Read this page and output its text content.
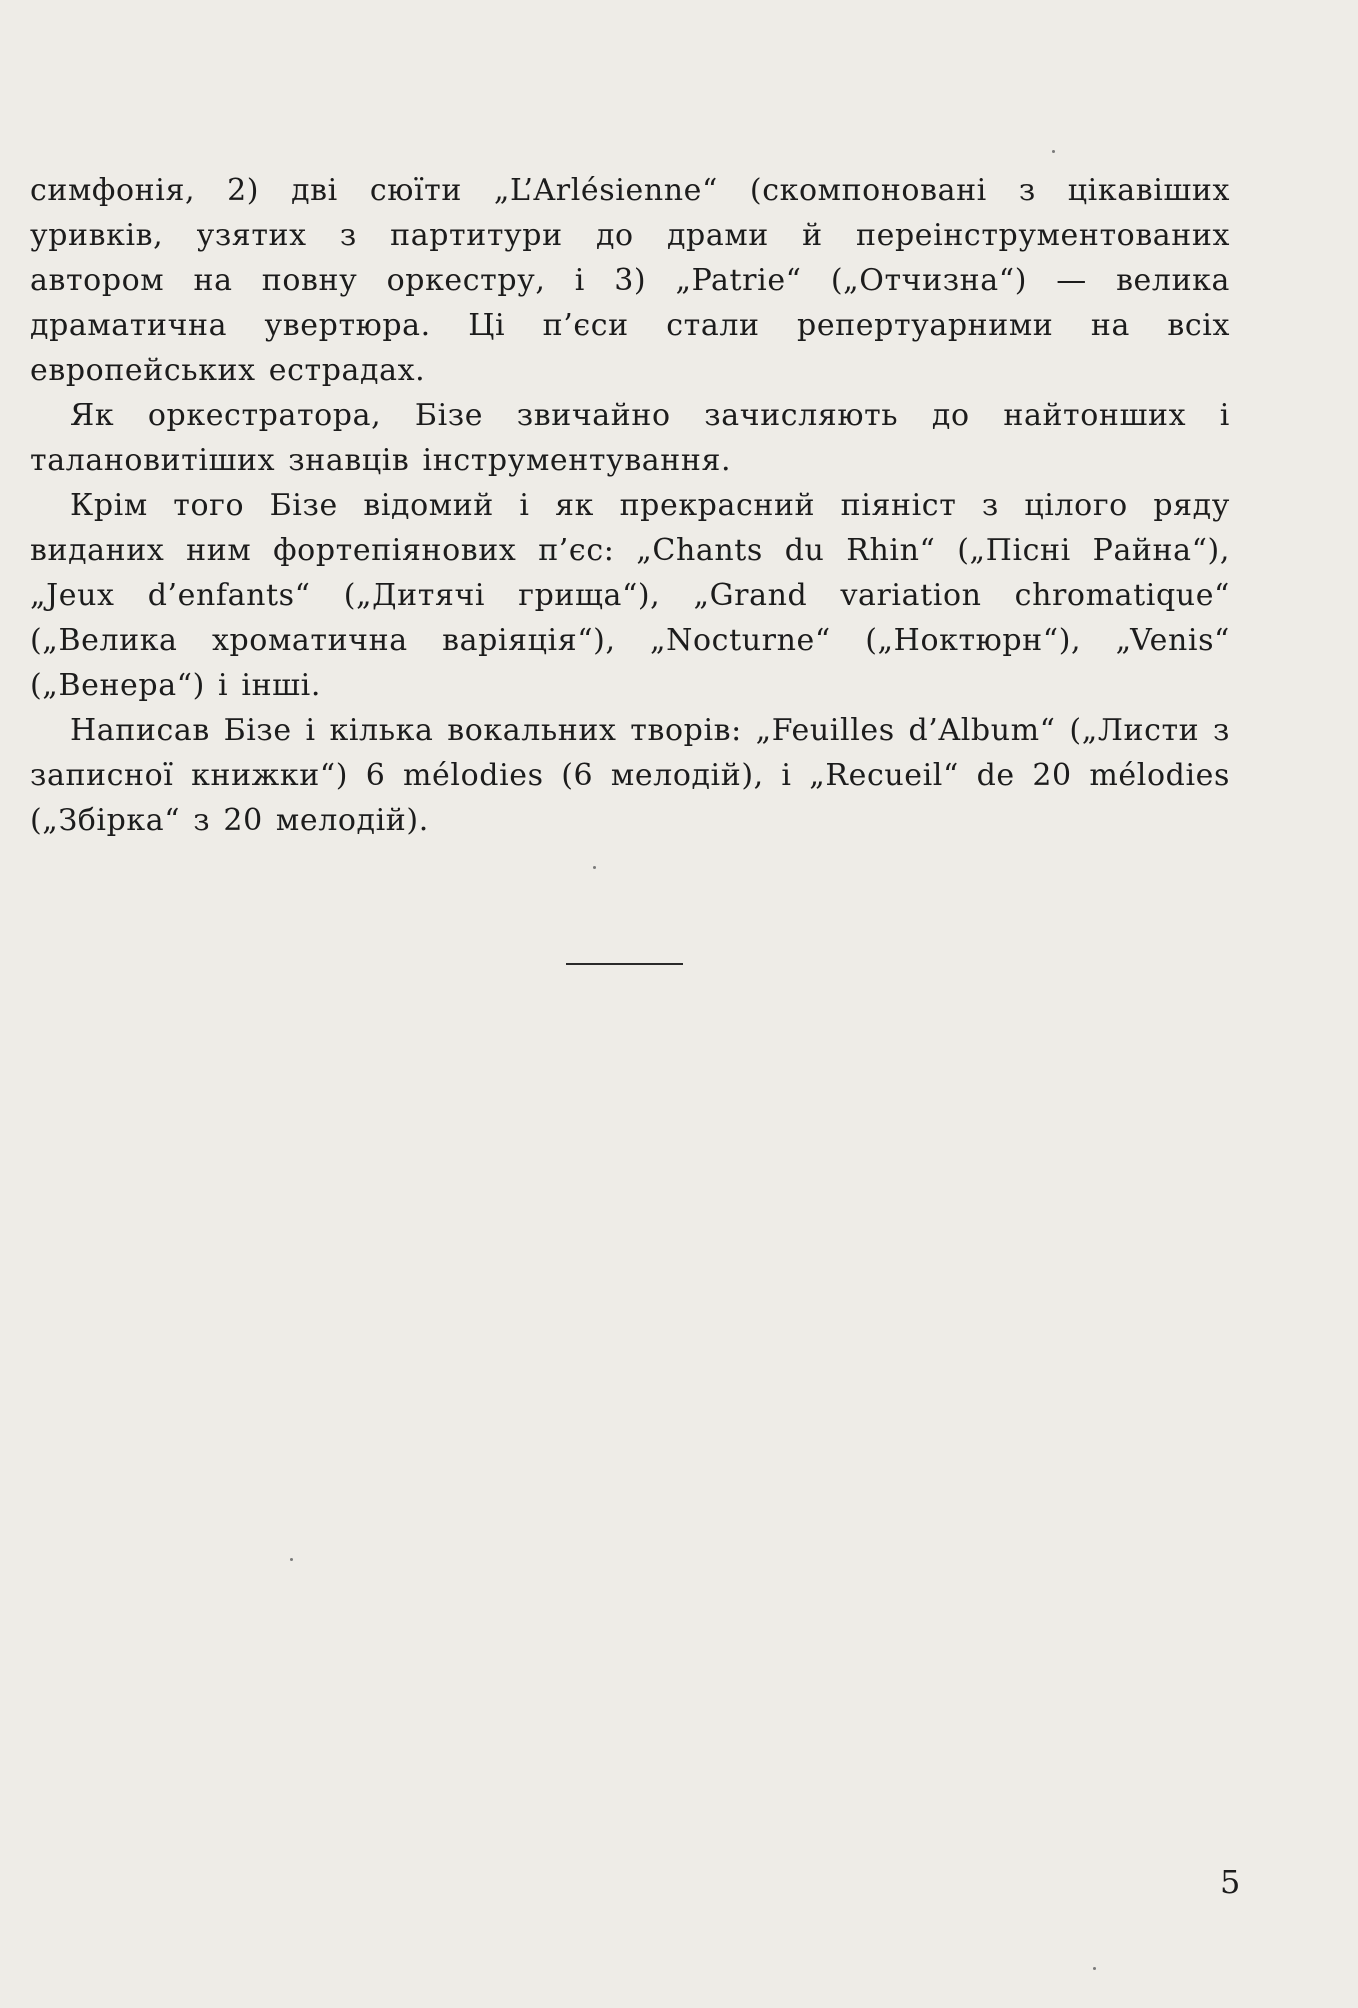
симфонія, 2) дві сюїти „L’Arlésienne“ (скомпоновані з цікавіших уривків, узятих з партитури до драми й переінструментованих автором на повну оркестру, і 3) „Patrie“ („Отчизна“) — велика драматична увертюра. Ці п’єси стали репертуарними на всіх европейських естрадах.

Як оркестратора, Бізе звичайно зачисляють до найтонших і талановитіших знавців інструментування.

Крім того Бізе відомий і як прекрасний піяніст з цілого ряду виданих ним фортепіянових п’єс: „Chants du Rhin“ („Пісні Райна“), „Jeux d’enfants“ („Дитячі грища“), „Grand variation chromatique“ („Велика хроматична варіяція“), „Nocturne“ („Ноктюрн“), „Venis“ („Венера“) і інші.

Написав Бізе і кілька вокальних творів: „Feuilles d’Album“ („Листи з записної книжки“) 6 mélodies (6 мелодій), і „Recueil“ de 20 mélodies („Збірка“ з 20 мелодій).

5
